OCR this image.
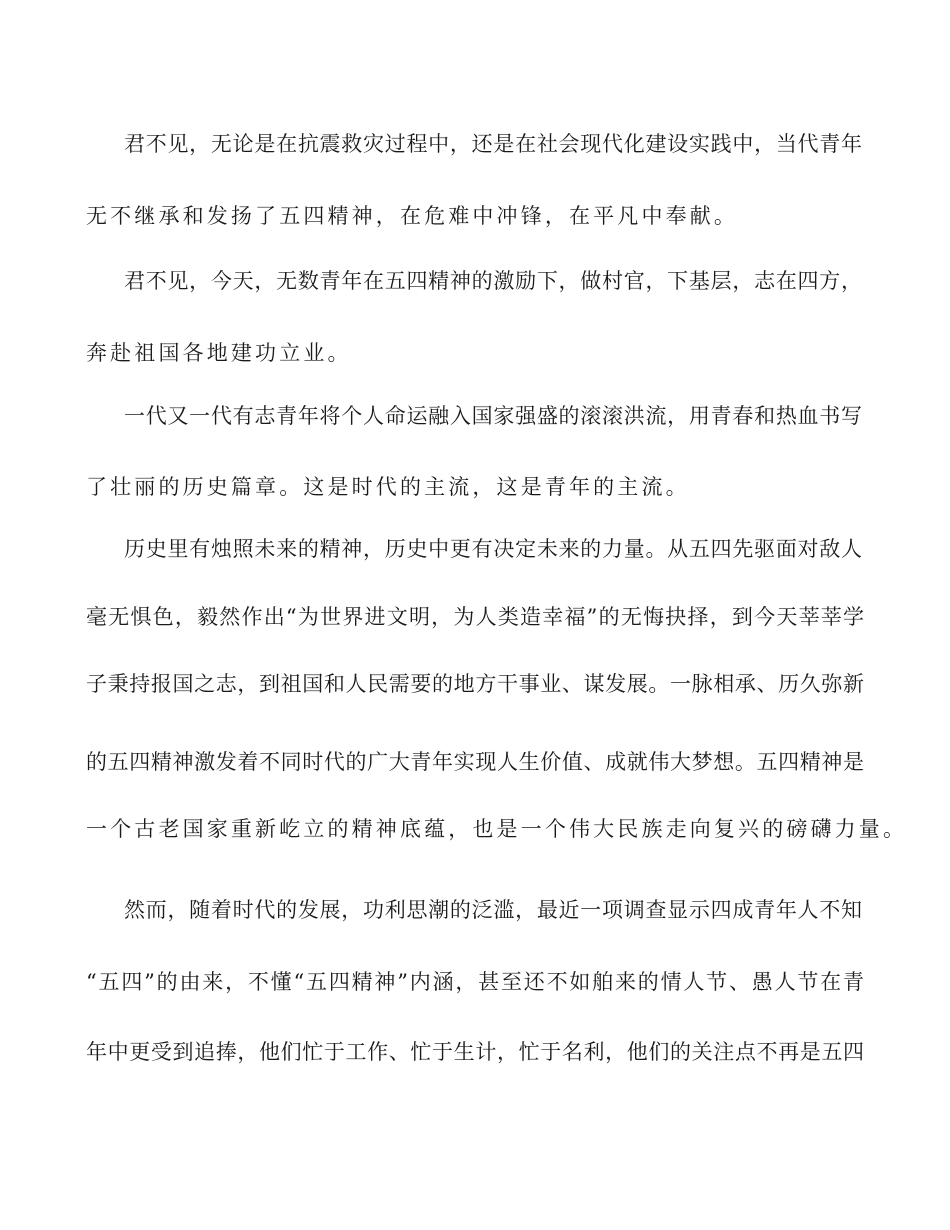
君不见，无论是在抗震救灾过程中，还是在社会现代化建设实践中，当代青年
无不继承和发扬了五四精神，在危难中冲锋，在平凡中奉献。
君不见，今天，无数青年在五四精神的激励下，做村官，下基层，志在四方，
奔赴祖国各地建功立业。
一代又一代有志青年将个人命运融入国家强盛的滚滚洪流，用青春和热血书写
了壮丽的历史篇章。这是时代的主流，这是青年的主流。
历史里有烛照未来的精神，历史中更有决定未来的力量。从五四先驱面对敌人
毫无惧色，毅然作出“为世界进文明，为人类造幸福”的无悔抉择，到今天莘莘学
子秉持报国之志，到祖国和人民需要的地方干事业、谋发展。一脉相承、历久弥新
的五四精神激发着不同时代的广大青年实现人生价值、成就伟大梦想。五四精神是
一个古老国家重新屹立的精神底蕴，也是一个伟大民族走向复兴的磅礴力量。
然而，随着时代的发展，功利思潮的泛滥，最近一项调查显示四成青年人不知
“五四”的由来，不懂“五四精神”内涵，甚至还不如舶来的情人节、愚人节在青
年中更受到追捧，他们忙于工作、忙于生计，忙于名利，他们的关注点不再是五四
